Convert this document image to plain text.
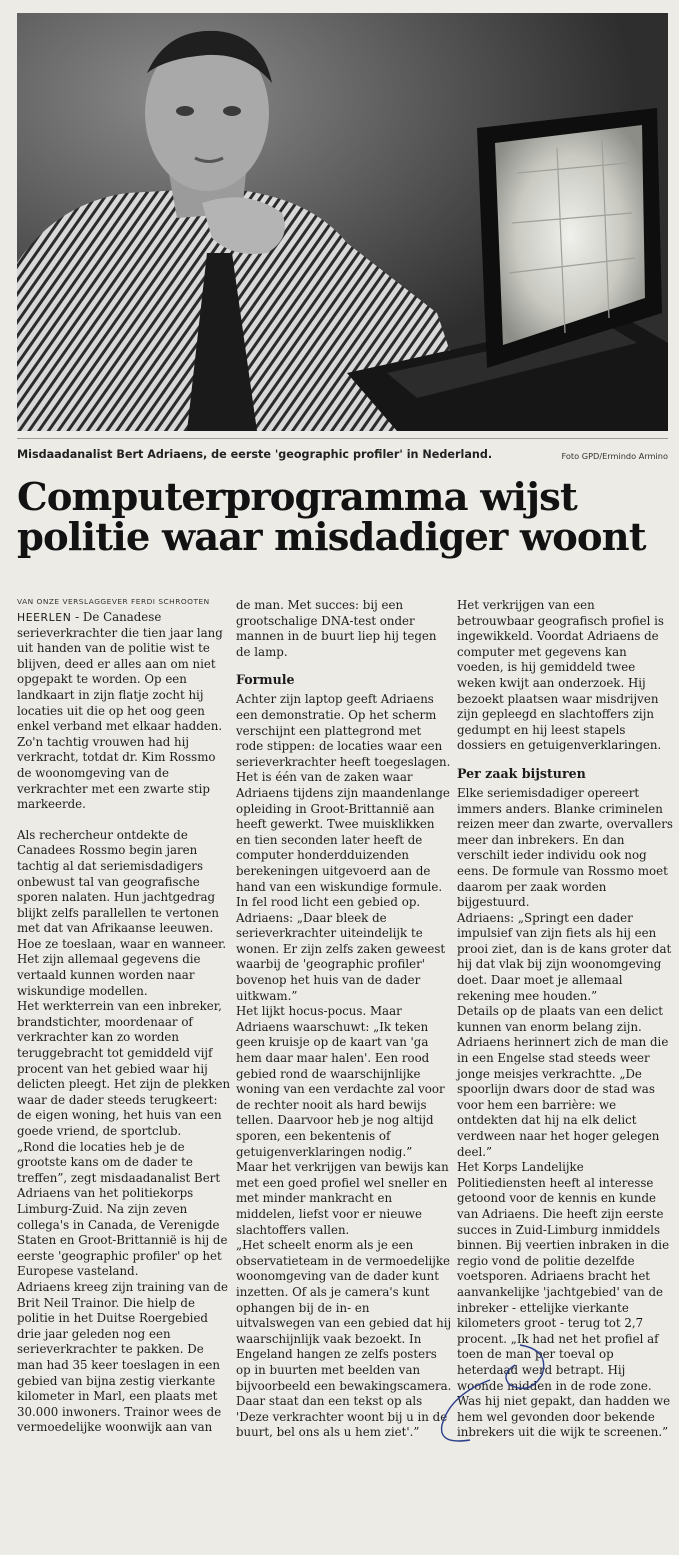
Misdaadanalist Bert Adriaens, de eerste 'geographic profiler' in Nederland.	Foto GPD/Ermindo Armino
Computerprogramma wijst
politie waar misdadiger woont
VAN ONZE VERSLAGGEVER FERDI SCHROOTEN

HEERLEN - De Canadese serieverkrachter die tien jaar lang uit handen van de politie wist te blijven, deed er alles aan om niet opgepakt te worden. Op een landkaart in zijn flatje zocht hij locaties uit die op het oog geen enkel verband met elkaar hadden. Zo'n tachtig vrouwen had hij verkracht, totdat dr. Kim Rossmo de woonomgeving van de verkrachter met een zwarte stip markeerde.

Als rechercheur ontdekte de Canadees Rossmo begin jaren tachtig al dat seriemisdadigers onbewust tal van geografische sporen nalaten. Hun jachtgedrag blijkt zelfs parallellen te vertonen met dat van Afrikaanse leeuwen. Hoe ze toeslaan, waar en wanneer. Het zijn allemaal gegevens die vertaald kunnen worden naar wiskundige modellen.

Het werkterrein van een inbreker, brandstichter, moordenaar of verkrachter kan zo worden teruggebracht tot gemiddeld vijf procent van het gebied waar hij delicten pleegt. Het zijn de plekken waar de dader steeds terugkeert: de eigen woning, het huis van een goede vriend, de sportclub.

„Rond die locaties heb je de grootste kans om de dader te treffen”, zegt misdaadanalist Bert Adriaens van het politiekorps Limburg-Zuid. Na zijn zeven collega's in Canada, de Verenigde Staten en Groot-Brittannië is hij de eerste 'geographic profiler' op het Europese vasteland.

Adriaens kreeg zijn training van de Brit Neil Trainor. Die hielp de politie in het Duitse Roergebied drie jaar geleden nog een serieverkrachter te pakken. De man had 35 keer toeslagen in een gebied van bijna zestig vierkante kilometer in Marl, een plaats met 30.000 inwoners. Trainor wees de vermoedelijke woonwijk aan van

de man. Met succes: bij een grootschalige DNA-test onder mannen in de buurt liep hij tegen de lamp.

Formule

Achter zijn laptop geeft Adriaens een demonstratie. Op het scherm verschijnt een plattegrond met rode stippen: de locaties waar een serieverkrachter heeft toegeslagen. Het is één van de zaken waar Adriaens tijdens zijn maandenlange opleiding in Groot-Brittannië aan heeft gewerkt. Twee muisklikken en tien seconden later heeft de computer honderdduizenden berekeningen uitgevoerd aan de hand van een wiskundige formule. In fel rood licht een gebied op.

Adriaens: „Daar bleek de serieverkrachter uiteindelijk te wonen. Er zijn zelfs zaken geweest waarbij de 'geographic profiler' bovenop het huis van de dader uitkwam.”

Het lijkt hocus-pocus. Maar Adriaens waarschuwt: „Ik teken geen kruisje op de kaart van 'ga hem daar maar halen'. Een rood gebied rond de waarschijnlijke woning van een verdachte zal voor de rechter nooit als hard bewijs tellen. Daarvoor heb je nog altijd sporen, een bekentenis of getuigenverklaringen nodig.”

Maar het verkrijgen van bewijs kan met een goed profiel wel sneller en met minder mankracht en middelen, liefst voor er nieuwe slachtoffers vallen.

„Het scheelt enorm als je een observatieteam in de vermoedelijke woonomgeving van de dader kunt inzetten. Of als je camera's kunt ophangen bij de in- en uitvalswegen van een gebied dat hij waarschijnlijk vaak bezoekt. In Engeland hangen ze zelfs posters op in buurten met beelden van bijvoorbeeld een bewakingscamera. Daar staat dan een tekst op als 'Deze verkrachter woont bij u in de buurt, bel ons als u hem ziet'.”

Het verkrijgen van een betrouwbaar geografisch profiel is ingewikkeld. Voordat Adriaens de computer met gegevens kan voeden, is hij gemiddeld twee weken kwijt aan onderzoek. Hij bezoekt plaatsen waar misdrijven zijn gepleegd en slachtoffers zijn gedumpt en hij leest stapels dossiers en getuigenverklaringen.

Per zaak bijsturen

Elke seriemisdadiger opereert immers anders. Blanke criminelen reizen meer dan zwarte, overvallers meer dan inbrekers. En dan verschilt ieder individu ook nog eens. De formule van Rossmo moet daarom per zaak worden bijgestuurd.

Adriaens: „Springt een dader impulsief van zijn fiets als hij een prooi ziet, dan is de kans groter dat hij dat vlak bij zijn woonomgeving doet. Daar moet je allemaal rekening mee houden.”

Details op de plaats van een delict kunnen van enorm belang zijn. Adriaens herinnert zich de man die in een Engelse stad steeds weer jonge meisjes verkrachtte. „De spoorlijn dwars door de stad was voor hem een barrière: we ontdekten dat hij na elk delict verdween naar het hoger gelegen deel.”

Het Korps Landelijke Politiediensten heeft al interesse getoond voor de kennis en kunde van Adriaens. Die heeft zijn eerste succes in Zuid-Limburg inmiddels binnen. Bij veertien inbraken in die regio vond de politie dezelfde voetsporen. Adriaens bracht het aanvankelijke 'jachtgebied' van de inbreker - ettelijke vierkante kilometers groot - terug tot 2,7 procent. „Ik had net het profiel af toen de man per toeval op heterdaad werd betrapt. Hij woonde midden in de rode zone. Was hij niet gepakt, dan hadden we hem wel gevonden door bekende inbrekers uit die wijk te screenen.”
